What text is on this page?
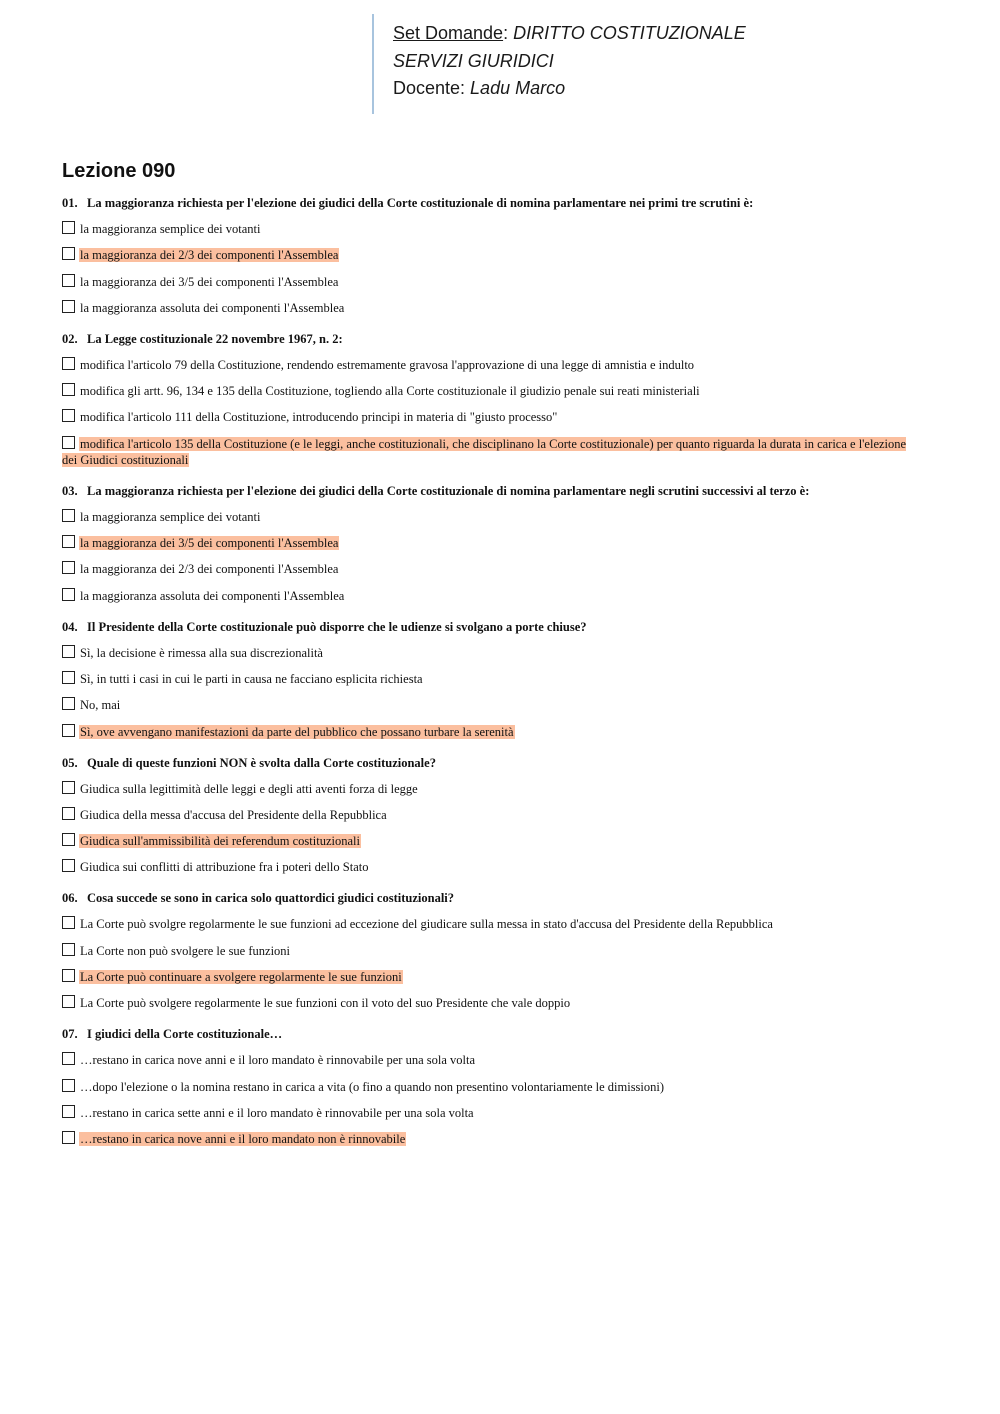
Set Domande: DIRITTO COSTITUZIONALE
SERVIZI GIURIDICI
Docente: Ladu Marco
Lezione 090
01. La maggioranza richiesta per l'elezione dei giudici della Corte costituzionale di nomina parlamentare nei primi tre scrutini è:
la maggioranza semplice dei votanti
la maggioranza dei 2/3 dei componenti l'Assemblea
la maggioranza dei 3/5 dei componenti l'Assemblea
la maggioranza assoluta dei componenti l'Assemblea
02. La Legge costituzionale 22 novembre 1967, n. 2:
modifica l'articolo 79 della Costituzione, rendendo estremamente gravosa l'approvazione di una legge di amnistia e indulto
modifica gli artt. 96, 134 e 135 della Costituzione, togliendo alla Corte costituzionale il giudizio penale sui reati ministeriali
modifica l'articolo 111 della Costituzione, introducendo principi in materia di "giusto processo"
modifica l'articolo 135 della Costituzione (e le leggi, anche costituzionali, che disciplinano la Corte costituzionale) per quanto riguarda la durata in carica e l'elezione dei Giudici costituzionali
03. La maggioranza richiesta per l'elezione dei giudici della Corte costituzionale di nomina parlamentare negli scrutini successivi al terzo è:
la maggioranza semplice dei votanti
la maggioranza dei 3/5 dei componenti l'Assemblea
la maggioranza dei 2/3 dei componenti l'Assemblea
la maggioranza assoluta dei componenti l'Assemblea
04. Il Presidente della Corte costituzionale può disporre che le udienze si svolgano a porte chiuse?
Sì, la decisione è rimessa alla sua discrezionalità
Sì, in tutti i casi in cui le parti in causa ne facciano esplicita richiesta
No, mai
Sì, ove avvengano manifestazioni da parte del pubblico che possano turbare la serenità
05. Quale di queste funzioni NON è svolta dalla Corte costituzionale?
Giudica sulla legittimità delle leggi e degli atti aventi forza di legge
Giudica della messa d'accusa del Presidente della Repubblica
Giudica sull'ammissibilità dei referendum costituzionali
Giudica sui conflitti di attribuzione fra i poteri dello Stato
06. Cosa succede se sono in carica solo quattordici giudici costituzionali?
La Corte può svolgre regolarmente le sue funzioni ad eccezione del giudicare sulla messa in stato d'accusa del Presidente della Repubblica
La Corte non può svolgere le sue funzioni
La Corte può continuare a svolgere regolarmente le sue funzioni
La Corte può svolgere regolarmente le sue funzioni con il voto del suo Presidente che vale doppio
07. I giudici della Corte costituzionale…
…restano in carica nove anni e il loro mandato è rinnovabile per una sola volta
…dopo l'elezione o la nomina restano in carica a vita (o fino a quando non presentino volontariamente le dimissioni)
…restano in carica sette anni e il loro mandato è rinnovabile per una sola volta
…restano in carica nove anni e il loro mandato non è rinnovabile
